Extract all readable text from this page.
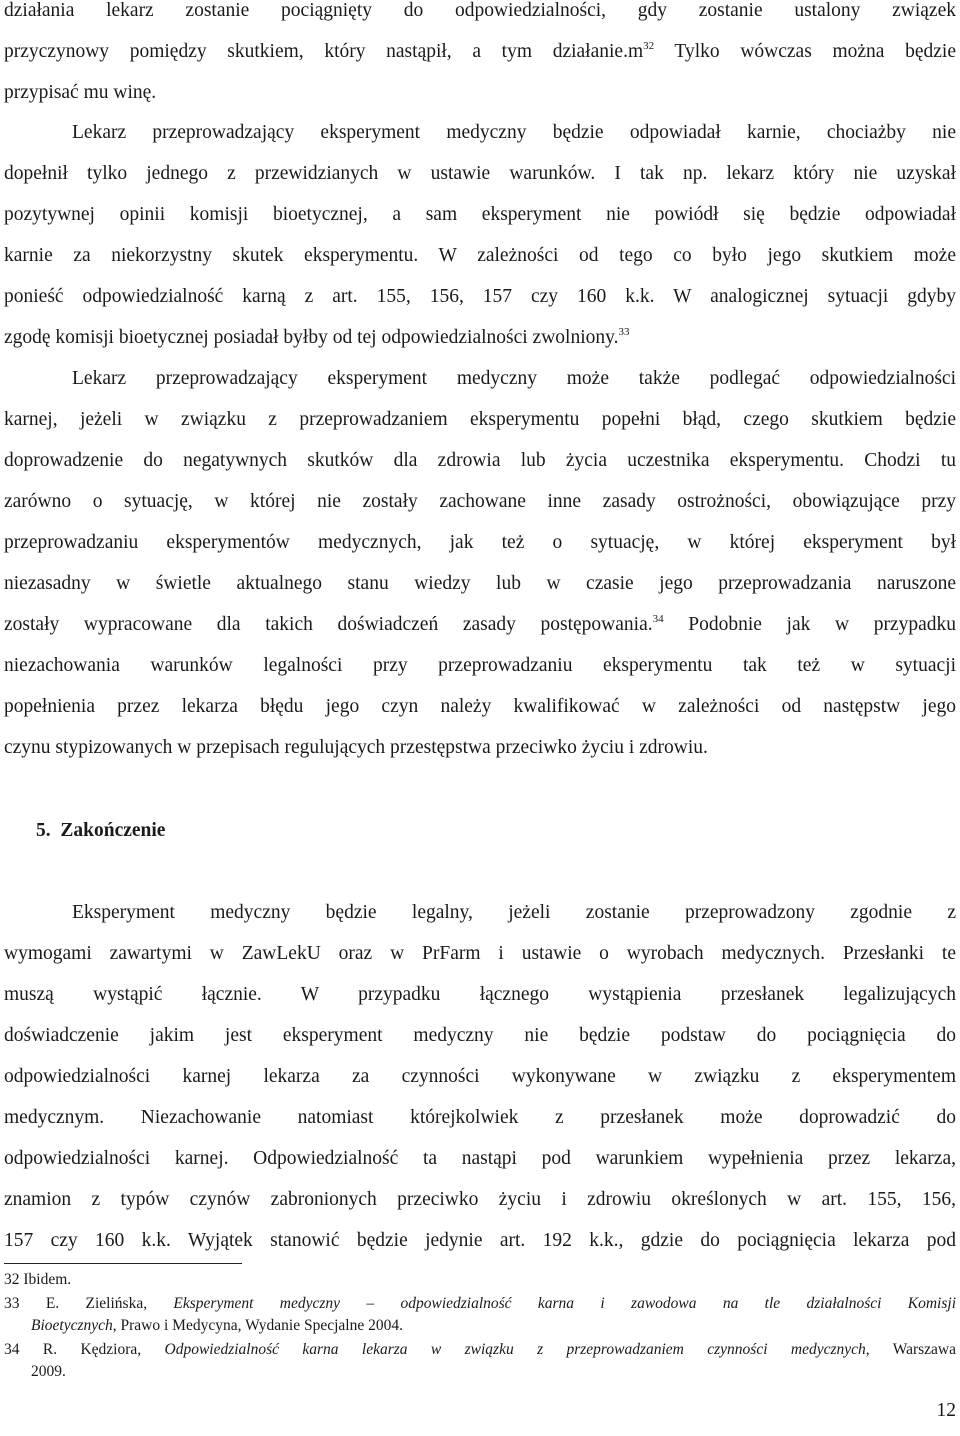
działania lekarz zostanie pociągnięty do odpowiedzialności, gdy zostanie ustalony związek
przyczynowy pomiędzy skutkiem, który nastąpił, a tym $działanie.m^{32}$ Tylko wówczas można będzie
przypisać mu winę.

Lekarz przeprowadzający eksperyment medyczny będzie odpowiadał karnie, chociażby nie
dopełnił tylko jednego z przewidzianych w ustawie warunków. I tak np. lekarz który nie uzyskał
pozytywnej opinii komisji bioetycznej, a sam eksperyment nie powiódł się będzie odpowiadał
karnie za niekorzystny skutek eksperymentu. W zależności od tego co było jego skutkiem może
ponieść odpowiedzialność karną z art. 155, 156, 157 czy 160 k.k. W analogicznej sytuacji gdyby
zgodę komisji bioetycznej posiadał byłby od tej odpowiedzialności zwolniony.$^{33}$

Lekarz przeprowadzający eksperyment medyczny może także podlegać odpowiedzialności
karnej, jeżeli w związku z przeprowadzaniem eksperymentu popełni błąd, czego skutkiem będzie
doprowadzenie do negatywnych skutków dla zdrowia lub życia uczestnika eksperymentu. Chodzi tu
zarówno o sytuację, w której nie zostały zachowane inne zasady ostrożności, obowiązujące przy
przeprowadzaniu eksperymentów medycznych, jak też o sytuację, w której eksperyment był
niezasadny w świetle aktualnego stanu wiedzy lub w czasie jego przeprowadzania naruszone
zostały wypracowane dla takich doświadczeń zasady postępowania.$^{34}$ Podobnie jak w przypadku
niezachowania warunków legalności przy przeprowadzaniu eksperymentu tak też w sytuacji
popełnienia przez lekarza błędu jego czyn należy kwalifikować w zależności od następstw jego
czynu stypizowanych w przepisach regulujących przestępstwa przeciwko życiu i zdrowiu.

5.  Zakończenie

Eksperyment medyczny będzie legalny, jeżeli zostanie przeprowadzony zgodnie z
wymogami zawartymi w ZawLekU oraz w PrFarm i ustawie o wyrobach medycznych. Przesłanki te
muszą wystąpić łącznie. W przypadku łącznego wystąpienia przesłanek legalizujących
doświadczenie jakim jest eksperyment medyczny nie będzie podstaw do pociągnięcia do
odpowiedzialności karnej lekarza za czynności wykonywane w związku z eksperymentem
medycznym. Niezachowanie natomiast którejkolwiek z przesłanek może doprowadzić do
odpowiedzialności karnej. Odpowiedzialność ta nastąpi pod warunkiem wypełnienia przez lekarza,
znamion z typów czynów zabronionych przeciwko życiu i zdrowiu określonych w art. 155, 156,
157 czy 160 k.k. Wyjątek stanowić będzie jedynie art. 192 k.k., gdzie do pociągnięcia lekarza pod

32 Ibidem.

33 E. Zielińska, Eksperyment medyczny – odpowiedzialność karna i zawodowa na tle działalności Komisji
Bioetycznych, Prawo i Medycyna, Wydanie Specjalne 2004.

34 R. Kędziora, Odpowiedzialność karna lekarza w związku z przeprowadzaniem czynności medycznych, Warszawa
2009.

12
